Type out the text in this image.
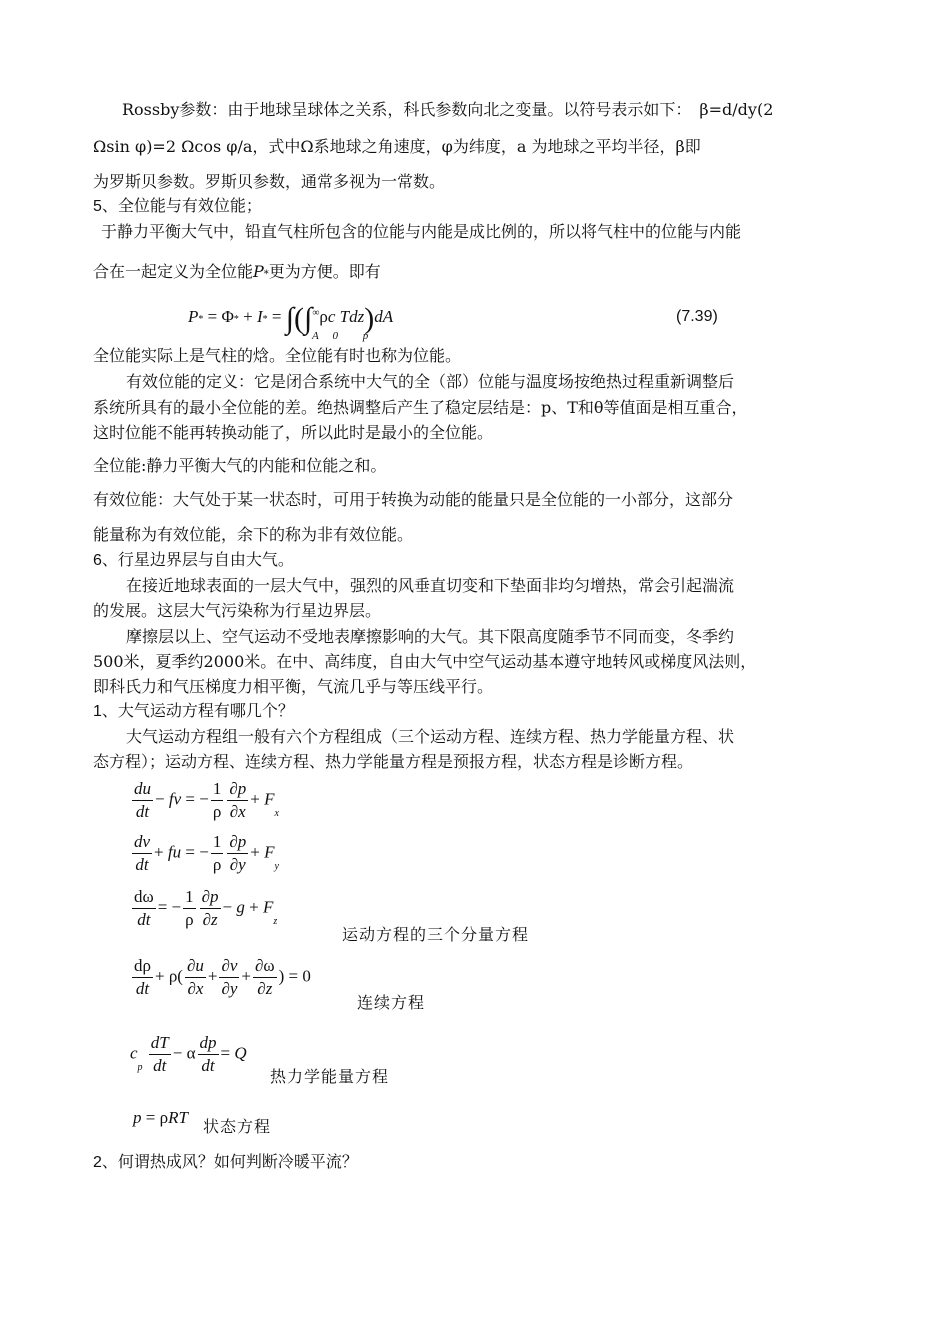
Rossby参数：由于地球呈球体之关系，科氏参数向北之变量。以符号表示如下：　β=d/dy(2
Ωsin φ)=2 Ωcos φ/a，式中Ω系地球之角速度，φ为纬度，a 为地球之平均半径，β即
为罗斯贝参数。罗斯贝参数，通常多视为一常数。
5、全位能与有效位能；
于静力平衡大气中，铅直气柱所包含的位能与内能是成比例的，所以将气柱中的位能与内能
合在一起定义为全位能P*更为方便。即有
P* = Φ* + I* = ∫(∫∞ρc Tdz)dA
A     0         p
(7.39)
全位能实际上是气柱的焓。全位能有时也称为位能。
有效位能的定义：它是闭合系统中大气的全（部）位能与温度场按绝热过程重新调整后
系统所具有的最小全位能的差。绝热调整后产生了稳定层结是：p、T和θ等值面是相互重合，
这时位能不能再转换动能了，所以此时是最小的全位能。
全位能:静力平衡大气的内能和位能之和。
有效位能：大气处于某一状态时，可用于转换为动能的能量只是全位能的一小部分，这部分
能量称为有效位能，余下的称为非有效位能。
6、行星边界层与自由大气。
在接近地球表面的一层大气中，强烈的风垂直切变和下垫面非均匀增热，常会引起湍流
的发展。这层大气污染称为行星边界层。
摩擦层以上、空气运动不受地表摩擦影响的大气。其下限高度随季节不同而变，冬季约
500米，夏季约2000米。在中、高纬度，自由大气中空气运动基本遵守地转风或梯度风法则，
即科氏力和气压梯度力相平衡，气流几乎与等压线平行。
1、大气运动方程有哪几个？
大气运动方程组一般有六个方程组成（三个运动方程、连续方程、热力学能量方程、状
态方程）；运动方程、连续方程、热力学能量方程是预报方程，状态方程是诊断方程。
$\frac{du}{dt}$ − fv = − $\frac{1}{\rho} \frac{\partial p}{\partial x} + F_x$
$\frac{dv}{dt}$ + fu = − $\frac{1}{\rho} \frac{\partial p}{\partial y} + F_y$
$\frac{d\omega}{dt}$ = − $\frac{1}{\rho} \frac{\partial p}{\partial z} - g + F_z$
运动方程的三个分量方程
$\frac{d\rho}{dt} + \rho( \frac{\partial u}{\partial x} + \frac{\partial v}{\partial y} + \frac{\partial\omega}{\partial z}$ ) = 0
连续方程
$c_p \frac{dT}{dt} - \alpha \frac{dp}{dt} = Q$
热力学能量方程
p = ρRT 状态方程
2、何谓热成风？如何判断冷暖平流？
